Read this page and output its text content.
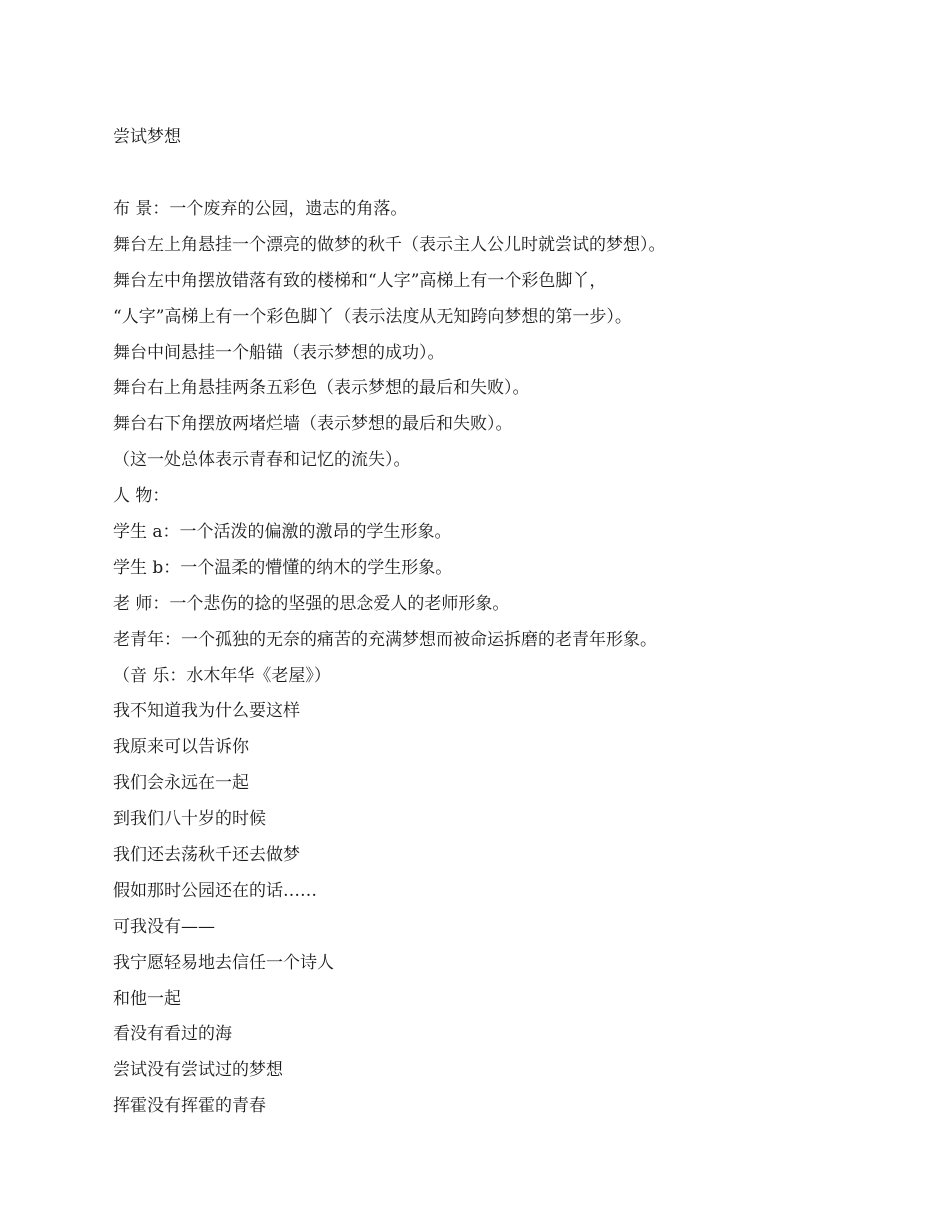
尝试梦想
布 景：一个废弃的公园，遗志的角落。
舞台左上角悬挂一个漂亮的做梦的秋千（表示主人公儿时就尝试的梦想）。
舞台左中角摆放错落有致的楼梯和“人字”高梯上有一个彩色脚丫，
“人字”高梯上有一个彩色脚丫（表示法度从无知跨向梦想的第一步）。
舞台中间悬挂一个船锚（表示梦想的成功）。
舞台右上角悬挂两条五彩色（表示梦想的最后和失败）。
舞台右下角摆放两堵烂墙（表示梦想的最后和失败）。
（这一处总体表示青春和记忆的流失）。
人 物：
学生 a：一个活泼的偏激的激昂的学生形象。
学生 b：一个温柔的懵懂的纳木的学生形象。
老 师：一个悲伤的捻的坚强的思念爱人的老师形象。
老青年：一个孤独的无奈的痛苦的充满梦想而被命运拆磨的老青年形象。
（音 乐：水木年华《老屋》）
我不知道我为什么要这样
我原来可以告诉你
我们会永远在一起
到我们八十岁的时候
我们还去荡秋千还去做梦
假如那时公园还在的话……
可我没有——
我宁愿轻易地去信任一个诗人
和他一起
看没有看过的海
尝试没有尝试过的梦想
挥霍没有挥霍的青春
